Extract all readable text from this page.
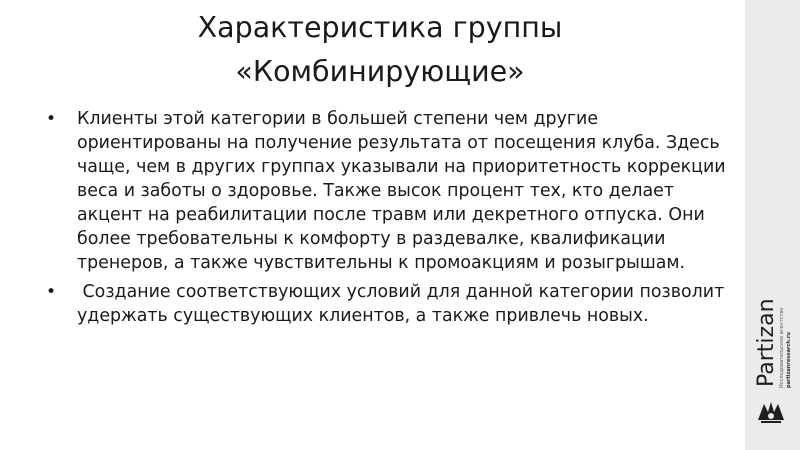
Характеристика группы
«Комбинирующие»
• Клиенты этой категории в большей степени чем другие ориентированы на получение результата от посещения клуба. Здесь чаще, чем в других группах указывали на приоритетность коррекции веса и заботы о здоровье. Также высок процент тех, кто делает акцент на реабилитации после травм или декретного отпуска. Они более требовательны к комфорту в раздевалке, квалификации тренеров, а также чувствительны к промоакциям и розыгрышам.
• Создание соответствующих условий для данной категории позволит удержать существующих клиентов, а также привлечь новых.	Partizan Исследовательское агентство partizanresearch.ru
